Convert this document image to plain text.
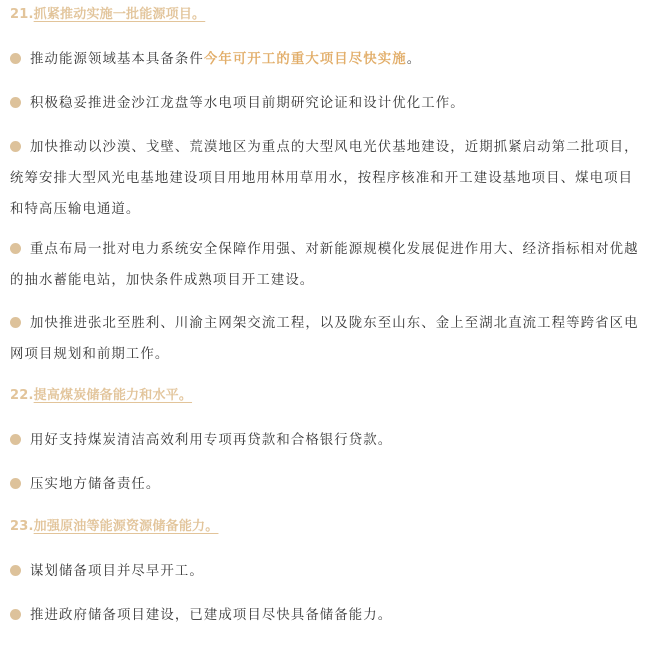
21.抓紧推动实施一批能源项目。
推动能源领域基本具备条件今年可开工的重大项目尽快实施。
积极稳妥推进金沙江龙盘等水电项目前期研究论证和设计优化工作。
加快推动以沙漠、戈壁、荒漠地区为重点的大型风电光伏基地建设，近期抓紧启动第二批项目，统筹安排大型风光电基地建设项目用地用林用草用水，按程序核准和开工建设基地项目、煤电项目和特高压输电通道。
重点布局一批对电力系统安全保障作用强、对新能源规模化发展促进作用大、经济指标相对优越的抽水蓄能电站，加快条件成熟项目开工建设。
加快推进张北至胜利、川渝主网架交流工程，以及陇东至山东、金上至湖北直流工程等跨省区电网项目规划和前期工作。
22.提高煤炭储备能力和水平。
用好支持煤炭清洁高效利用专项再贷款和合格银行贷款。
压实地方储备责任。
23.加强原油等能源资源储备能力。
谋划储备项目并尽早开工。
推进政府储备项目建设，已建成项目尽快具备储备能力。
